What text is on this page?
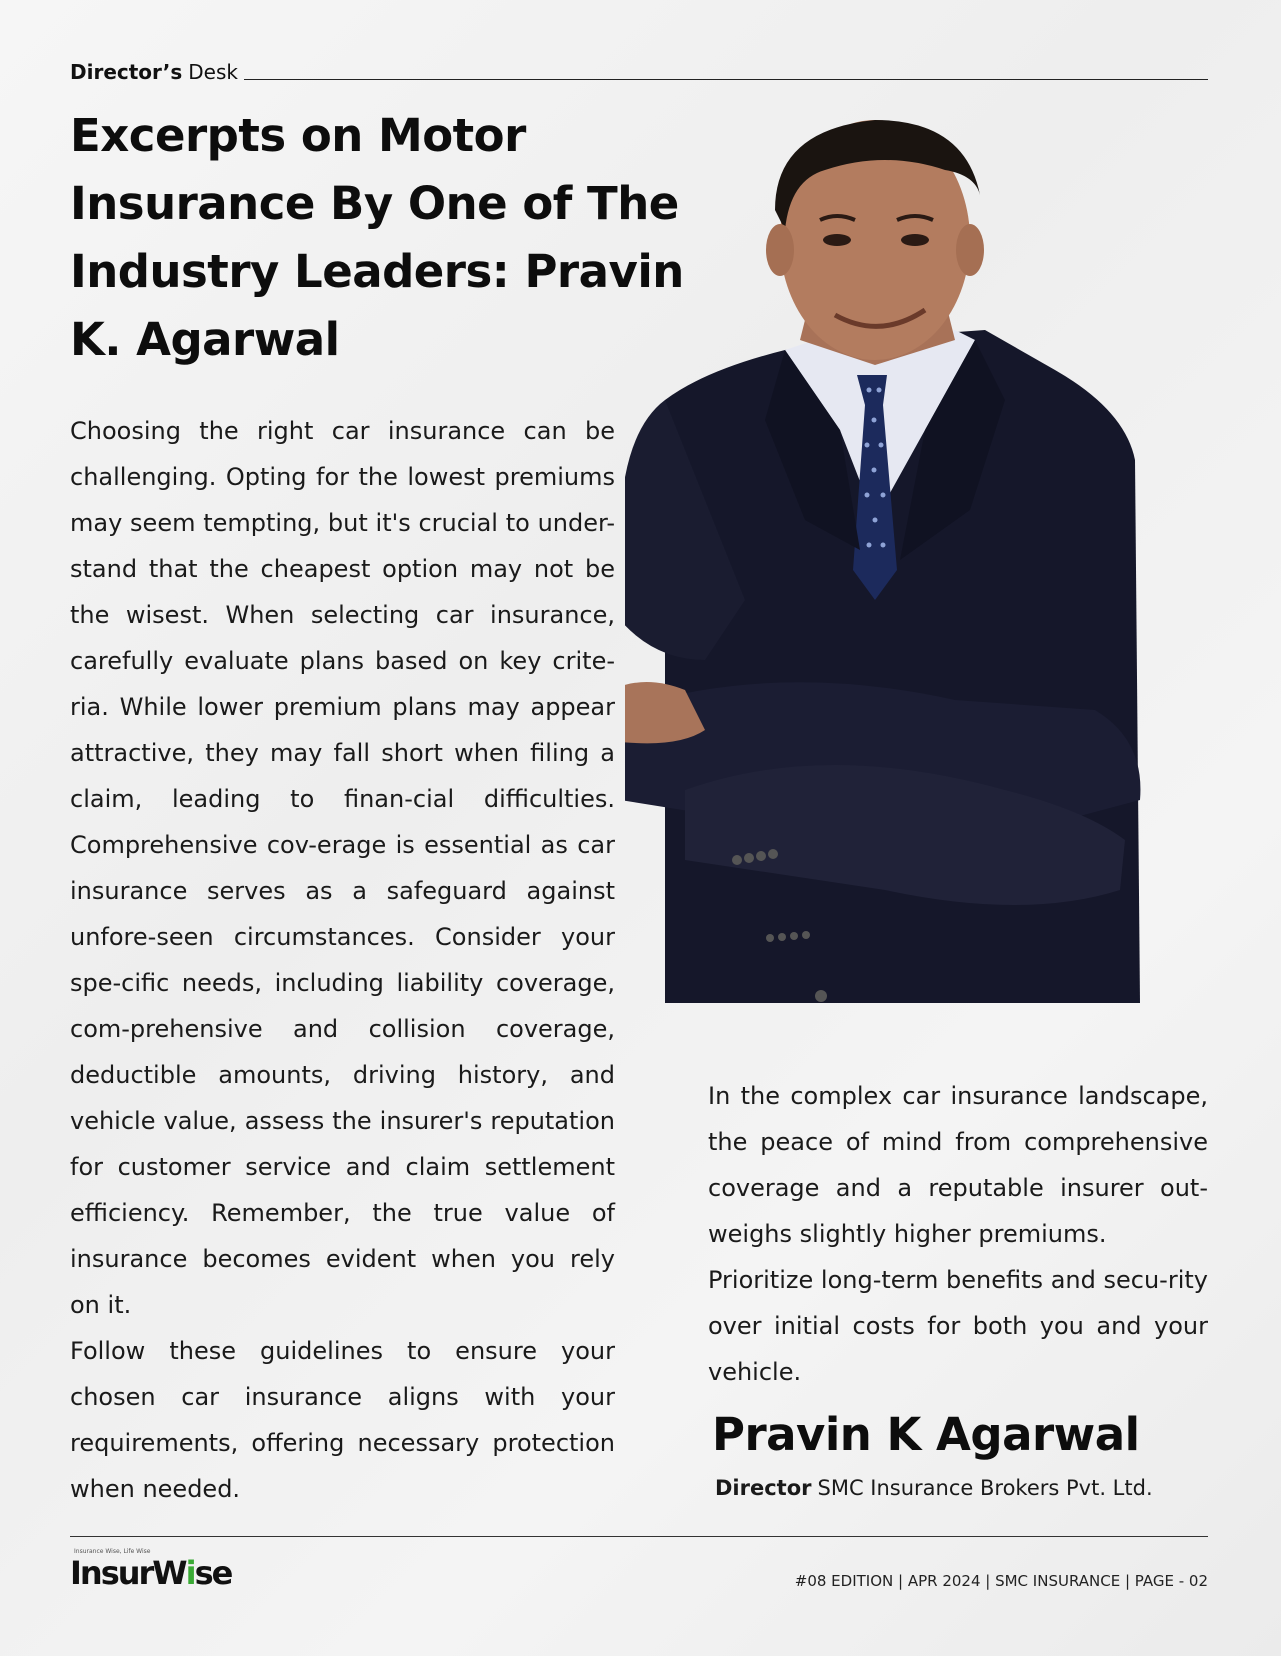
Director’s Desk
Excerpts on Motor Insurance By One of The Industry Leaders: Pravin K. Agarwal

Choosing the right car insurance can be challenging. Opting for the lowest premiums may seem tempting, but it's crucial to under-stand that the cheapest option may not be the wisest. When selecting car insurance, carefully evaluate plans based on key crite-ria. While lower premium plans may appear attractive, they may fall short when filing a claim, leading to finan-cial difficulties. Comprehensive cov-erage is essential as car insurance serves as a safeguard against unfore-seen circumstances. Consider your spe-cific needs, including liability coverage, com-prehensive and collision coverage, deductible amounts, driving history, and vehicle value, assess the insurer's reputation for customer service and claim settlement efficiency. Remember, the true value of insurance becomes evident when you rely on it.

Follow these guidelines to ensure your chosen car insurance aligns with your requirements, offering necessary protection when needed.

In the complex car insurance landscape, the peace of mind from comprehensive coverage and a reputable insurer out-weighs slightly higher premiums.

Prioritize long-term benefits and secu-rity over initial costs for both you and your vehicle.

Pravin K Agarwal
Director SMC Insurance Brokers Pvt. Ltd.
Insurance Wise, Life Wise
InsurWise	#08 EDITION | APR 2024 | SMC INSURANCE | PAGE - 02
